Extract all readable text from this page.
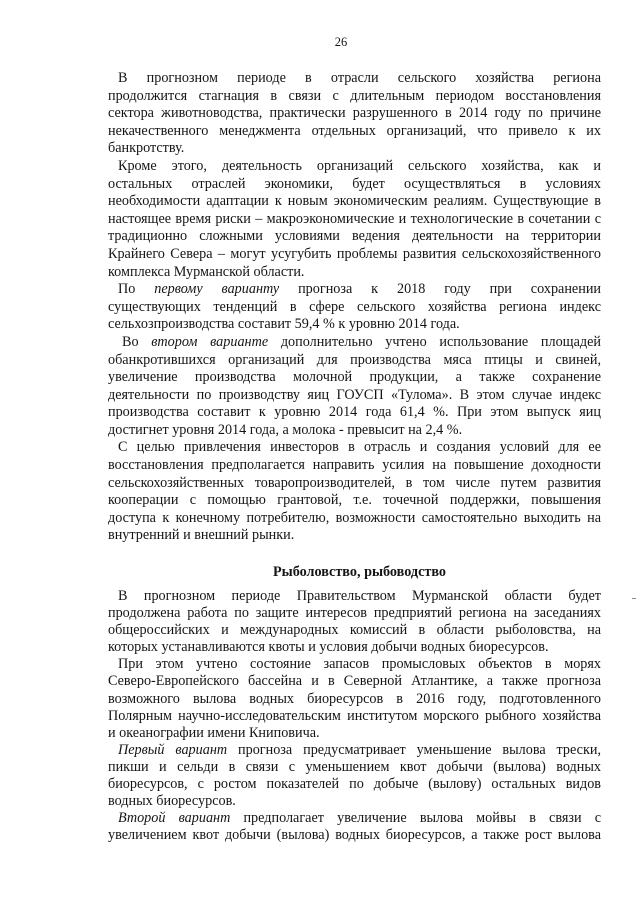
26
В прогнозном периоде в отрасли сельского хозяйства региона
продолжится стагнация в связи с длительным периодом восстановления
сектора животноводства, практически разрушенного в 2014 году по причине
некачественного менеджмента отдельных организаций, что привело к их
банкротству.
Кроме этого, деятельность организаций сельского хозяйства, как и
остальных отраслей экономики, будет осуществляться в условиях
необходимости адаптации к новым экономическим реалиям. Существующие в
настоящее время риски – макроэкономические и технологические в сочетании с
традиционно сложными условиями ведения деятельности на территории
Крайнего Севера – могут усугубить проблемы развития сельскохозяйственного
комплекса Мурманской области.
По первому варианту прогноза к 2018 году при сохранении
существующих тенденций в сфере сельского хозяйства региона индекс
сельхозпроизводства составит 59,4 % к уровню 2014 года.
Во втором варианте дополнительно учтено использование площадей
обанкротившихся организаций для производства мяса птицы и свиней,
увеличение производства молочной продукции, а также сохранение
деятельности по производству яиц ГОУСП «Тулома». В этом случае индекс
производства составит к уровню 2014 года 61,4 %. При этом выпуск яиц
достигнет уровня 2014 года, а молока - превысит на 2,4 %.
С целью привлечения инвесторов в отрасль и создания условий для ее
восстановления предполагается направить усилия на повышение доходности
сельскохозяйственных товаропроизводителей, в том числе путем развития
кооперации с помощью грантовой, т.е. точечной поддержки, повышения
доступа к конечному потребителю, возможности самостоятельно выходить на
внутренний и внешний рынки.
Рыболовство, рыбоводство
В прогнозном периоде Правительством Мурманской области будет
продолжена работа по защите интересов предприятий региона на заседаниях
общероссийских и международных комиссий в области рыболовства, на
которых устанавливаются квоты и условия добычи водных биоресурсов.
При этом учтено состояние запасов промысловых объектов в морях
Северо-Европейского бассейна и в Северной Атлантике, а также прогноза
возможного вылова водных биоресурсов в 2016 году, подготовленного
Полярным научно-исследовательским институтом морского рыбного хозяйства
и океанографии имени Книповича.
Первый вариант прогноза предусматривает уменьшение вылова трески,
пикши и сельди в связи с уменьшением квот добычи (вылова) водных
биоресурсов, с ростом показателей по добыче (вылову) остальных видов
водных биоресурсов.
Второй вариант предполагает увеличение вылова мойвы в связи с
увеличением квот добычи (вылова) водных биоресурсов, а также рост вылова
